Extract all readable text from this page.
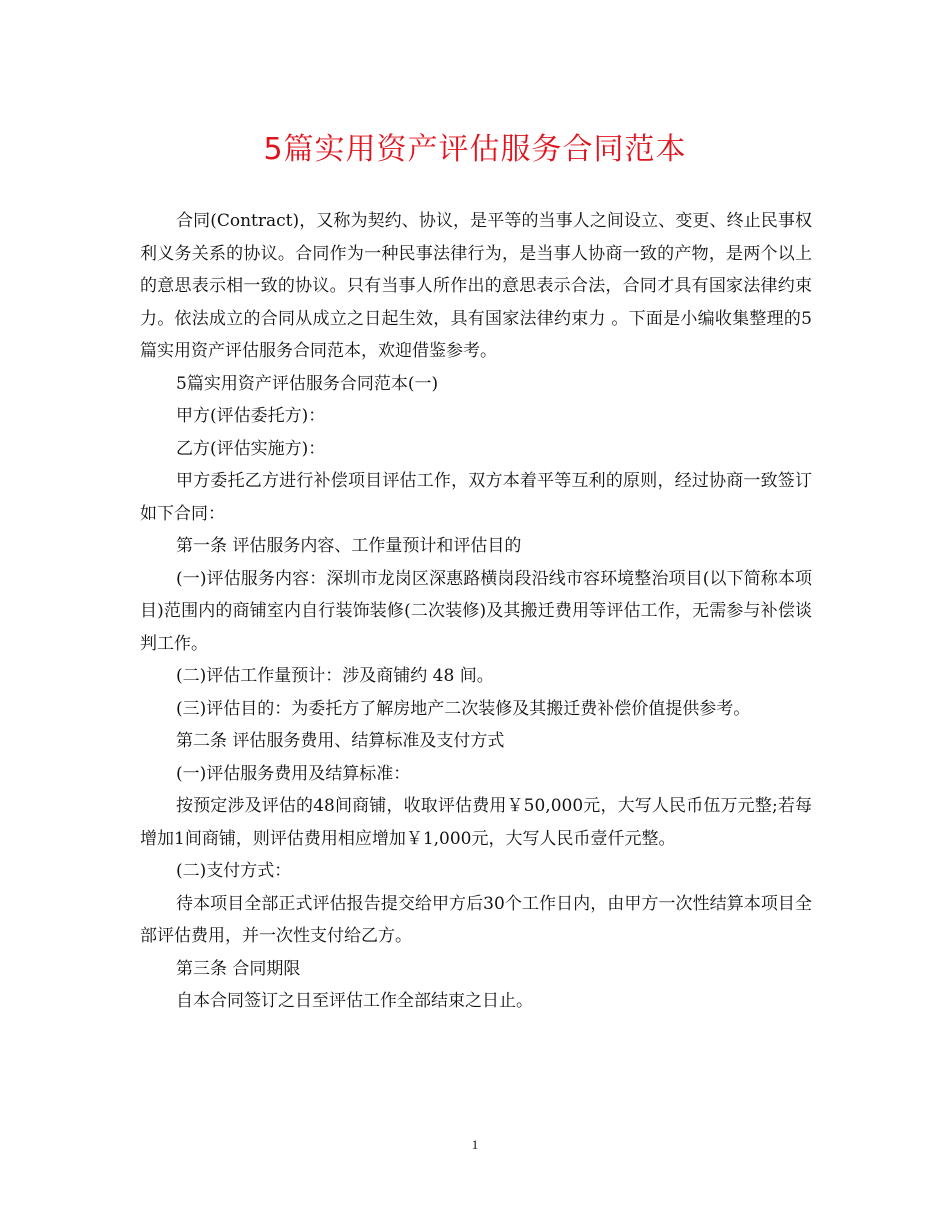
5篇实用资产评估服务合同范本

合同(Contract)，又称为契约、协议，是平等的当事人之间设立、变更、终止民事权利义务关系的协议。合同作为一种民事法律行为，是当事人协商一致的产物，是两个以上的意思表示相一致的协议。只有当事人所作出的意思表示合法，合同才具有国家法律约束力。依法成立的合同从成立之日起生效，具有国家法律约束力 。下面是小编收集整理的5篇实用资产评估服务合同范本，欢迎借鉴参考。

5篇实用资产评估服务合同范本(一)

甲方(评估委托方)：

乙方(评估实施方)：

甲方委托乙方进行补偿项目评估工作，双方本着平等互利的原则，经过协商一致签订如下合同：

第一条 评估服务内容、工作量预计和评估目的

(一)评估服务内容：深圳市龙岗区深惠路横岗段沿线市容环境整治项目(以下简称本项目)范围内的商铺室内自行装饰装修(二次装修)及其搬迁费用等评估工作，无需参与补偿谈判工作。

(二)评估工作量预计：涉及商铺约 48 间。

(三)评估目的：为委托方了解房地产二次装修及其搬迁费补偿价值提供参考。

第二条 评估服务费用、结算标准及支付方式

(一)评估服务费用及结算标准：

按预定涉及评估的48间商铺，收取评估费用￥50,000元，大写人民币伍万元整;若每增加1间商铺，则评估费用相应增加￥1,000元，大写人民币壹仟元整。

(二)支付方式：

待本项目全部正式评估报告提交给甲方后30个工作日内，由甲方一次性结算本项目全部评估费用，并一次性支付给乙方。

第三条 合同期限

自本合同签订之日至评估工作全部结束之日止。

1
